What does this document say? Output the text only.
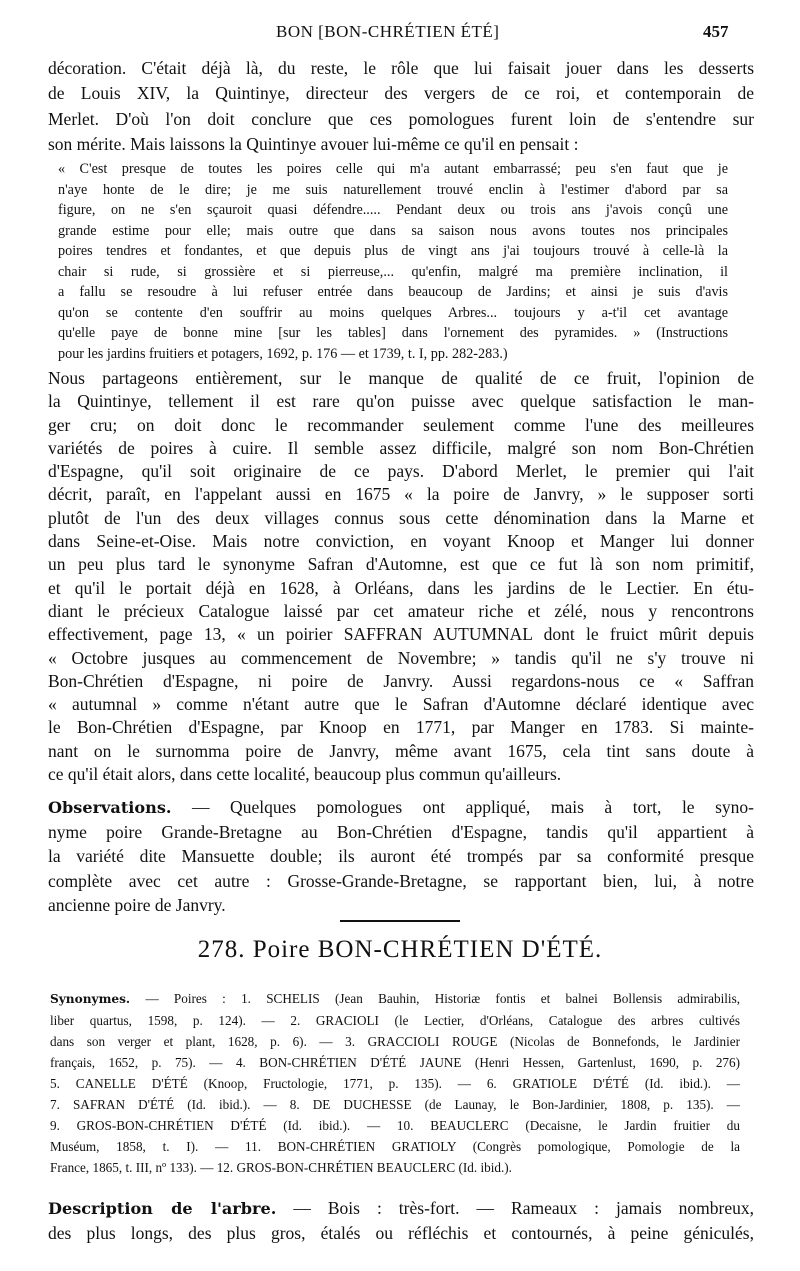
BON [BON-CHRÉTIEN ÉTÉ]	457
décoration. C'était déjà là, du reste, le rôle que lui faisait jouer dans les desserts
de Louis XIV, la Quintinye, directeur des vergers de ce roi, et contemporain de
Merlet. D'où l'on doit conclure que ces pomologues furent loin de s'entendre sur
son mérite. Mais laissons la Quintinye avouer lui-même ce qu'il en pensait :
« C'est presque de toutes les poires celle qui m'a autant embarrassé; peu s'en faut que je
n'aye honte de le dire; je me suis naturellement trouvé enclin à l'estimer d'abord par sa
figure, on ne s'en sçauroit quasi défendre..... Pendant deux ou trois ans j'avois conçû une
grande estime pour elle; mais outre que dans sa saison nous avons toutes nos principales
poires tendres et fondantes, et que depuis plus de vingt ans j'ai toujours trouvé à celle-là la
chair si rude, si grossière et si pierreuse,... qu'enfin, malgré ma première inclination, il
a fallu se resoudre à lui refuser entrée dans beaucoup de Jardins; et ainsi je suis d'avis
qu'on se contente d'en souffrir au moins quelques Arbres... toujours y a-t'il cet avantage
qu'elle paye de bonne mine [sur les tables] dans l'ornement des pyramides. » (Instructions
pour les jardins fruitiers et potagers, 1692, p. 176 — et 1739, t. I, pp. 282-283.)
Nous partageons entièrement, sur le manque de qualité de ce fruit, l'opinion de
la Quintinye, tellement il est rare qu'on puisse avec quelque satisfaction le man-
ger cru; on doit donc le recommander seulement comme l'une des meilleures
variétés de poires à cuire. Il semble assez difficile, malgré son nom Bon-Chrétien
d'Espagne, qu'il soit originaire de ce pays. D'abord Merlet, le premier qui l'ait
décrit, paraît, en l'appelant aussi en 1675 « la poire de Janvry, » le supposer sorti
plutôt de l'un des deux villages connus sous cette dénomination dans la Marne et
dans Seine-et-Oise. Mais notre conviction, en voyant Knoop et Manger lui donner
un peu plus tard le synonyme Safran d'Automne, est que ce fut là son nom primitif,
et qu'il le portait déjà en 1628, à Orléans, dans les jardins de le Lectier. En étu-
diant le précieux Catalogue laissé par cet amateur riche et zélé, nous y rencontrons
effectivement, page 13, « un poirier SAFFRAN AUTUMNAL dont le fruict mûrit depuis
« Octobre jusques au commencement de Novembre; » tandis qu'il ne s'y trouve ni
Bon-Chrétien d'Espagne, ni poire de Janvry. Aussi regardons-nous ce « Saffran
« autumnal » comme n'étant autre que le Safran d'Automne déclaré identique avec
le Bon-Chrétien d'Espagne, par Knoop en 1771, par Manger en 1783. Si mainte-
nant on le surnomma poire de Janvry, même avant 1675, cela tint sans doute à
ce qu'il était alors, dans cette localité, beaucoup plus commun qu'ailleurs.
Observations. — Quelques pomologues ont appliqué, mais à tort, le syno-
nyme poire Grande-Bretagne au Bon-Chrétien d'Espagne, tandis qu'il appartient à
la variété dite Mansuette double; ils auront été trompés par sa conformité presque
complète avec cet autre : Grosse-Grande-Bretagne, se rapportant bien, lui, à notre
ancienne poire de Janvry.
278. Poire BON-CHRÉTIEN D'ÉTÉ.
Synonymes. — Poires : 1. SCHELIS (Jean Bauhin, Historiæ fontis et balnei Bollensis admirabilis,
liber quartus, 1598, p. 124). — 2. GRACIOLI (le Lectier, d'Orléans, Catalogue des arbres cultivés
dans son verger et plant, 1628, p. 6). — 3. GRACCIOLI ROUGE (Nicolas de Bonnefonds, le Jardinier
français, 1652, p. 75). — 4. BON-CHRÉTIEN D'ÉTÉ JAUNE (Henri Hessen, Gartenlust, 1690, p. 276)
5. CANELLE D'ÉTÉ (Knoop, Fructologie, 1771, p. 135). — 6. GRATIOLE D'ÉTÉ (Id. ibid.). —
7. SAFRAN D'ÉTÉ (Id. ibid.). — 8. DE DUCHESSE (de Launay, le Bon-Jardinier, 1808, p. 135). —
9. GROS-BON-CHRÉTIEN D'ÉTÉ (Id. ibid.). — 10. BEAUCLERC (Decaisne, le Jardin fruitier du
Muséum, 1858, t. I). — 11. BON-CHRÉTIEN GRATIOLY (Congrès pomologique, Pomologie de la
France, 1865, t. III, nº 133). — 12. GROS-BON-CHRÉTIEN BEAUCLERC (Id. ibid.).
Description de l'arbre. — Bois : très-fort. — Rameaux : jamais nombreux,
des plus longs, des plus gros, étalés ou réfléchis et contournés, à peine géniculés,
